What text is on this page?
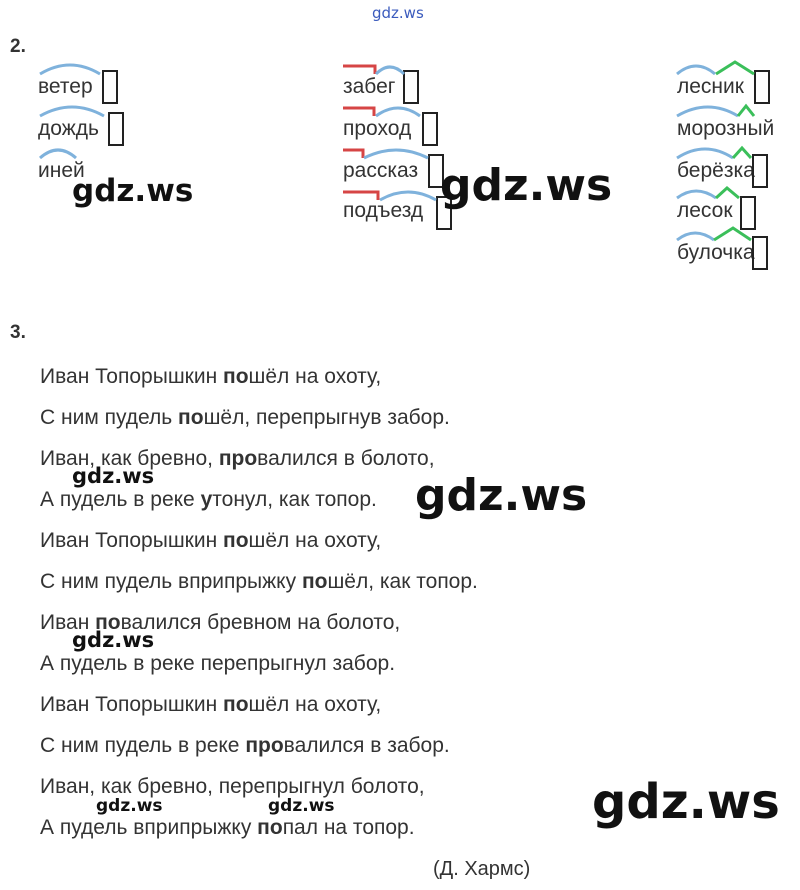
gdz.ws
2.
ветер
дождь
иней
забег
проход
рассказ
подъезд
лесник
морозный
берёзка
лесок
булочка
3.
Иван Топорышкин пошёл на охоту,
С ним пудель пошёл, перепрыгнув забор.
Иван, как бревно, провалился в болото,
А пудель в реке утонул, как топор.
Иван Топорышкин пошёл на охоту,
С ним пудель вприпрыжку пошёл, как топор.
Иван повалился бревном на болото,
А пудель в реке перепрыгнул забор.
Иван Топорышкин пошёл на охоту,
С ним пудель в реке провалился в забор.
Иван, как бревно, перепрыгнул болото,
А пудель вприпрыжку попал на топор.
(Д. Хармс)
gdz.ws	gdz.ws
gdz.ws	gdz.ws
gdz.ws
gdz.ws	gdz.ws	gdz.ws
